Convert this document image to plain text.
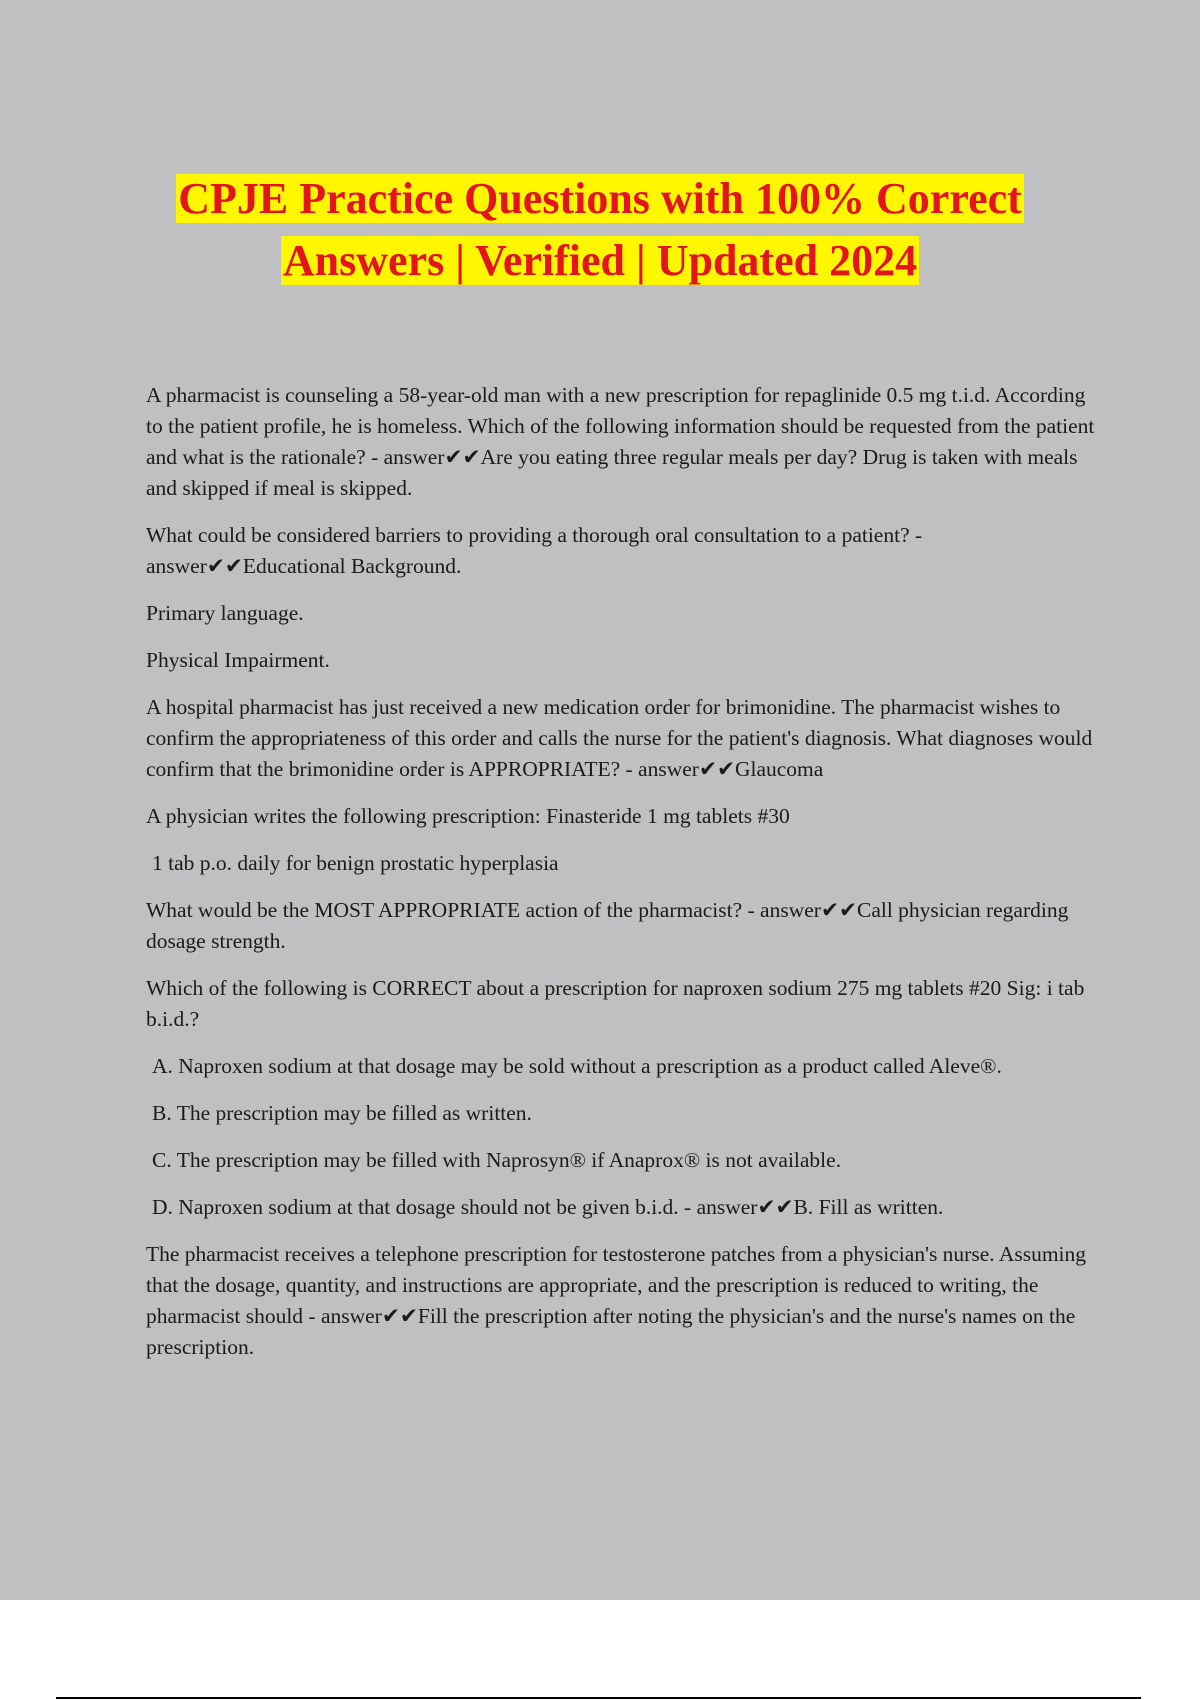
CPJE Practice Questions with 100% Correct
Answers | Verified | Updated 2024

A pharmacist is counseling a 58-year-old man with a new prescription for repaglinide 0.5 mg t.i.d. According to the patient profile, he is homeless. Which of the following information should be requested from the patient and what is the rationale? - answer✔✔Are you eating three regular meals per day? Drug is taken with meals and skipped if meal is skipped.

What could be considered barriers to providing a thorough oral consultation to a patient? - answer✔✔Educational Background.

Primary language.

Physical Impairment.

A hospital pharmacist has just received a new medication order for brimonidine. The pharmacist wishes to confirm the appropriateness of this order and calls the nurse for the patient's diagnosis. What diagnoses would confirm that the brimonidine order is APPROPRIATE? - answer✔✔Glaucoma

A physician writes the following prescription: Finasteride 1 mg tablets #30

1 tab p.o. daily for benign prostatic hyperplasia

What would be the MOST APPROPRIATE action of the pharmacist? - answer✔✔Call physician regarding dosage strength.

Which of the following is CORRECT about a prescription for naproxen sodium 275 mg tablets #20 Sig: i tab b.i.d.?

A. Naproxen sodium at that dosage may be sold without a prescription as a product called Aleve®.

B. The prescription may be filled as written.

C. The prescription may be filled with Naprosyn® if Anaprox® is not available.

D. Naproxen sodium at that dosage should not be given b.i.d. - answer✔✔B. Fill as written.

The pharmacist receives a telephone prescription for testosterone patches from a physician's nurse. Assuming that the dosage, quantity, and instructions are appropriate, and the prescription is reduced to writing, the pharmacist should - answer✔✔Fill the prescription after noting the physician's and the nurse's names on the prescription.
